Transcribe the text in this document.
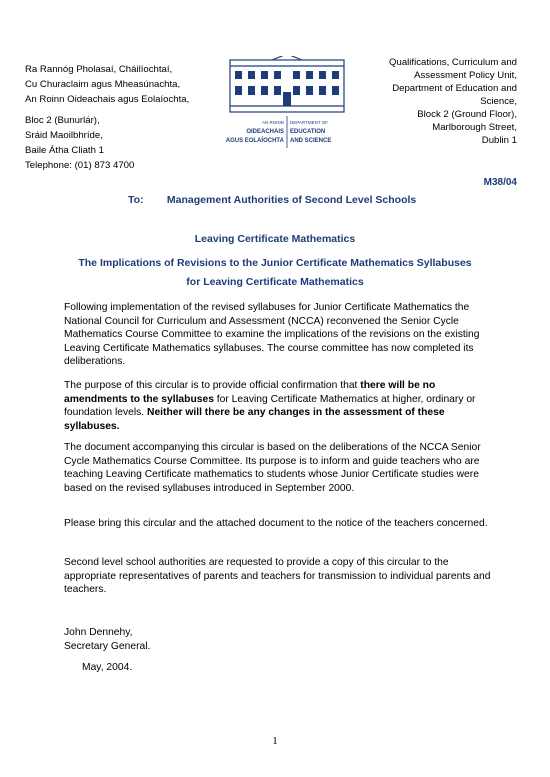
Ra Rannóg Pholasaí, Cháilíochtaí,
Cu Churaclaim agus Mheasúnachta,
An Roinn Oideachais agus Eolaíochta,
Bloc 2 (Bunurlár),
Sráid Maoilbhríde,
Baile Átha Cliath 1
Telephone: (01) 873 4700
AN ROINN
OIDEACHAIS
AGUS EOLAÍOCHTA
DEPARTMENT OF
EDUCATION
AND SCIENCE
Qualifications, Curriculum and
Assessment Policy Unit,
Department of Education and
Science,
Block 2 (Ground Floor),
Marlborough Street,
Dublin 1
M38/04
To: Management Authorities of Second Level Schools
Leaving Certificate Mathematics
The Implications of Revisions to the Junior Certificate Mathematics Syllabuses
for Leaving Certificate Mathematics

Following implementation of the revised syllabuses for Junior Certificate Mathematics the National Council for Curriculum and Assessment (NCCA) reconvened the Senior Cycle Mathematics Course Committee to examine the implications of the revisions on the existing Leaving Certificate Mathematics syllabuses. The course committee has now completed its deliberations.

The purpose of this circular is to provide official confirmation that there will be no amendments to the syllabuses for Leaving Certificate Mathematics at higher, ordinary or foundation levels. Neither will there be any changes in the assessment of these syllabuses.

The document accompanying this circular is based on the deliberations of the NCCA Senior Cycle Mathematics Course Committee. Its purpose is to inform and guide teachers who are teaching Leaving Certificate mathematics to students whose Junior Certificate studies were based on the revised syllabuses introduced in September 2000.

Please bring this circular and the attached document to the notice of the teachers concerned.

Second level school authorities are requested to provide a copy of this circular to the appropriate representatives of parents and teachers for transmission to individual parents and teachers.

John Dennehy,
Secretary General.
May, 2004.
1
